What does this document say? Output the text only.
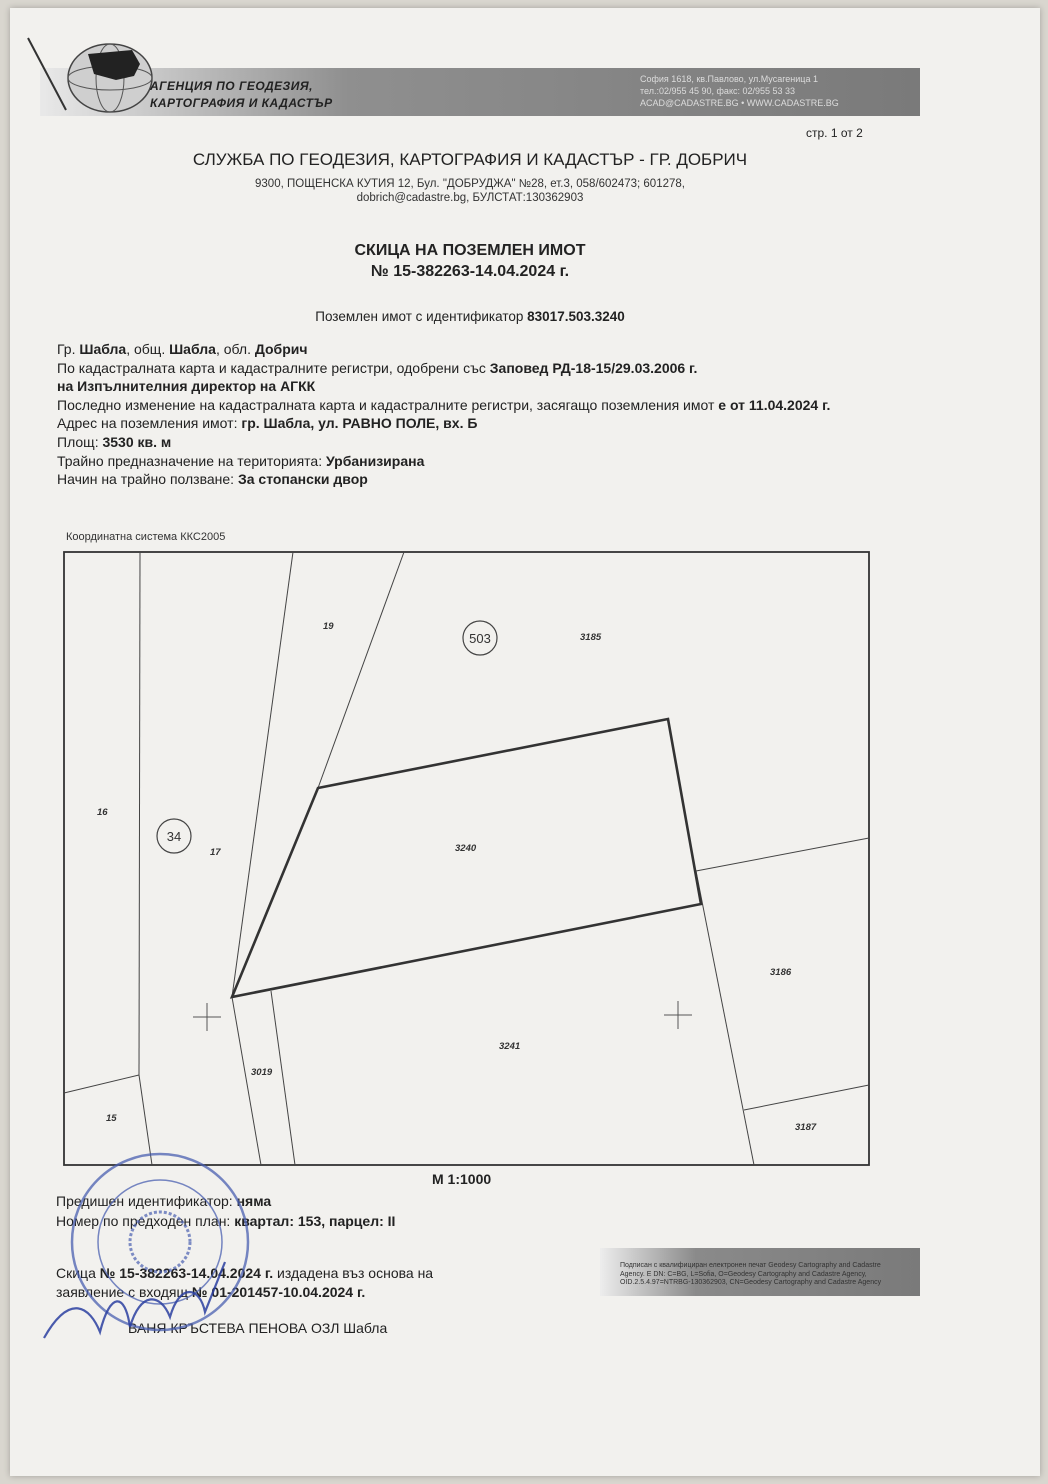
АГЕНЦИЯ ПО ГЕОДЕЗИЯ,
КАРТОГРАФИЯ И КАДАСТЪР
София 1618, кв.Павлово, ул.Мусагеница 1
тел.:02/955 45 90, факс: 02/955 53 33
ACAD@CADASTRE.BG • WWW.CADASTRE.BG
стр. 1 от 2
СЛУЖБА ПО ГЕОДЕЗИЯ, КАРТОГРАФИЯ И КАДАСТЪР - ГР. ДОБРИЧ
9300, ПОЩЕНСКА КУТИЯ 12, Бул. "ДОБРУДЖА" №28, ет.3, 058/602473; 601278,
dobrich@cadastre.bg, БУЛСТАТ:130362903
СКИЦА НА ПОЗЕМЛЕН ИМОТ
№ 15-382263-14.04.2024 г.
Поземлен имот с идентификатор 83017.503.3240
Гр. Шабла, общ. Шабла, обл. Добрич
По кадастралната карта и кадастралните регистри, одобрени със Заповед РД-18-15/29.03.2006 г.
на Изпълнителния директор на АГКК
Последно изменение на кадастралната карта и кадастралните регистри, засягащо поземления имот е от 11.04.2024 г.
Адрес на поземления имот: гр. Шабла, ул. РАВНО ПОЛЕ, вх. Б
Площ: 3530 кв. м
Трайно предназначение на територията: Урбанизирана
Начин на трайно ползване: За стопански двор
Координатна система ККС2005
19
3185
16
17	3240
3186
3241
3019
15
3187
503
34
М 1:1000
Предишен идентификатор: няма
Номер по предходен план: квартал: 153, парцел: II
Подписан с квалифициран електронен печат Geodesy Cartography and Cadastre Agency. E DN: C=BG, L=Sofia, O=Geodesy Cartography and Cadastre Agency, OID.2.5.4.97=NTRBG-130362903, CN=Geodesy Cartography and Cadastre Agency
Скица № 15-382263-14.04.2024 г. издадена въз основа на
заявление с входящ № 01-201457-10.04.2024 г.
ВАНЯ КРЪСТЕВА ПЕНОВА ОЗЛ Шабла
